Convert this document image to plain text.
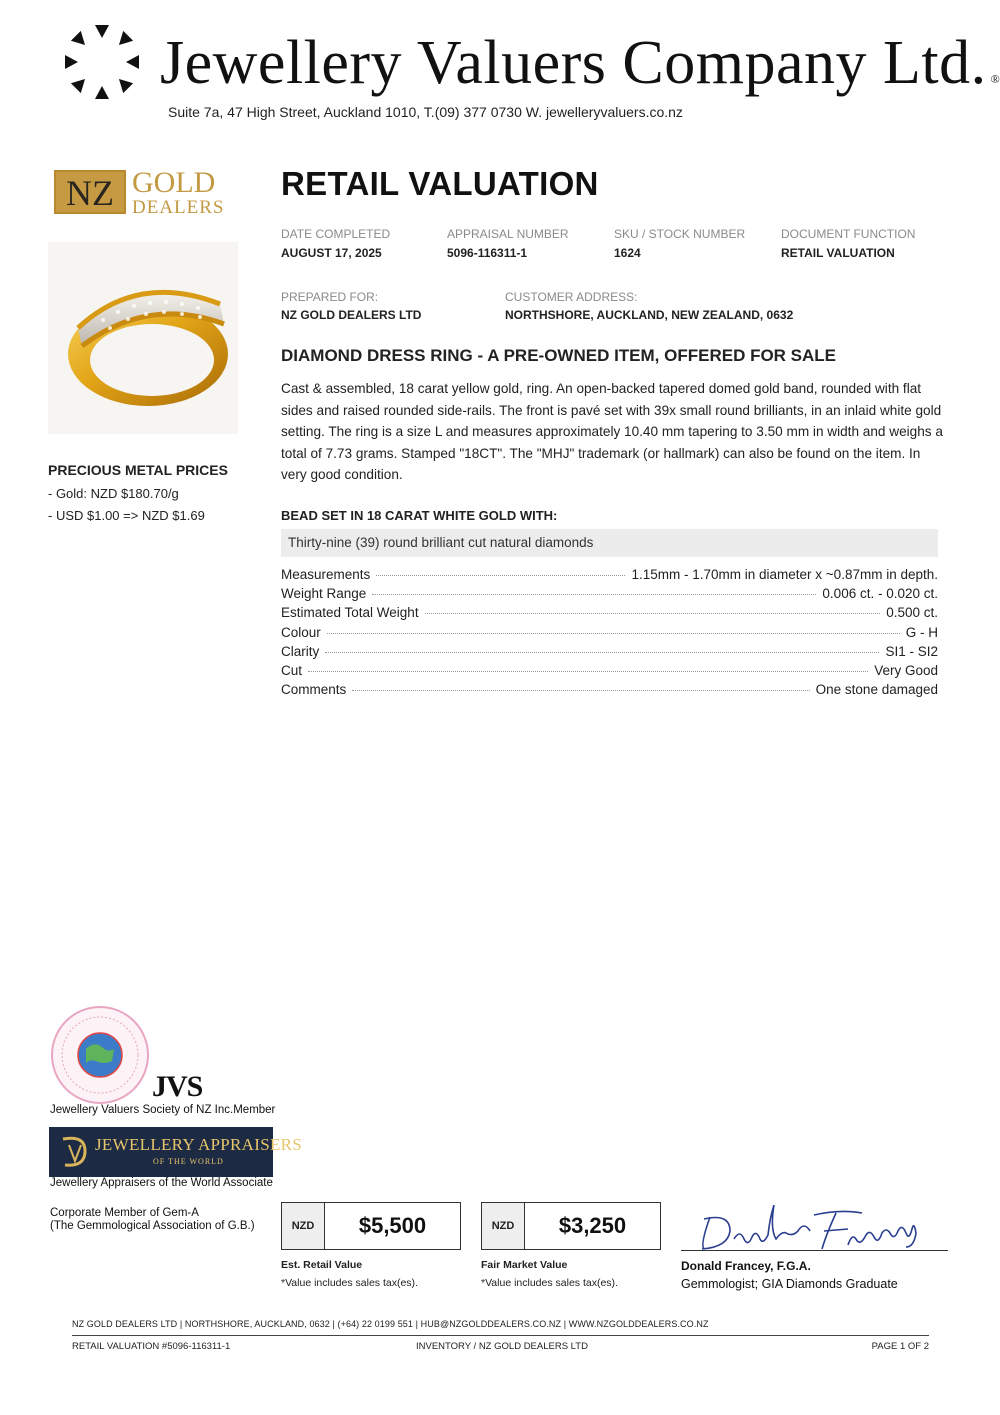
Jewellery Valuers Company Ltd. ®
Suite 7a, 47 High Street, Auckland 1010, T.(09) 377 0730 W. jewelleryvaluers.co.nz
NZ GOLD
DEALERS
PRECIOUS METAL PRICES
- Gold: NZD $180.70/g
- USD $1.00 => NZD $1.69
RETAIL VALUATION
DATE COMPLETED
AUGUST 17, 2025
APPRAISAL NUMBER
5096-116311-1
SKU / STOCK NUMBER
1624
DOCUMENT FUNCTION
RETAIL VALUATION
PREPARED FOR:
NZ GOLD DEALERS LTD
CUSTOMER ADDRESS:
NORTHSHORE, AUCKLAND, NEW ZEALAND, 0632
DIAMOND DRESS RING - A PRE-OWNED ITEM, OFFERED FOR SALE
Cast & assembled, 18 carat yellow gold, ring. An open-backed tapered domed gold band, rounded with flat sides and raised rounded side-rails. The front is pavé set with 39x small round brilliants, in an inlaid white gold setting. The ring is a size L and measures approximately 10.40 mm tapering to 3.50 mm in width and weighs a total of 7.73 grams. Stamped "18CT". The "MHJ" trademark (or hallmark) can also be found on the item. In very good condition.
BEAD SET IN 18 CARAT WHITE GOLD WITH:
Thirty-nine (39) round brilliant cut natural diamonds
Measurements	1.15mm - 1.70mm in diameter x ~0.87mm in depth.
Weight Range	0.006 ct. - 0.020 ct.
Estimated Total Weight	0.500 ct.
Colour	G - H
Clarity	SI1 - SI2
Cut	Very Good
Comments	One stone damaged
JVS
Jewellery Valuers Society of NZ Inc.Member
JEWELLERY APPRAISERS
OF THE WORLD
Jewellery Appraisers of the World Associate
Corporate Member of Gem-A
(The Gemmological Association of G.B.)	NZD	$5,500
Est. Retail Value
*Value includes sales tax(es).
NZD	$3,250
Fair Market Value
*Value includes sales tax(es).
Donald Francey, F.G.A.
Gemmologist; GIA Diamonds Graduate
NZ GOLD DEALERS LTD | NORTHSHORE, AUCKLAND, 0632 | (+64) 22 0199 551 | HUB@NZGOLDDEALERS.CO.NZ | WWW.NZGOLDDEALERS.CO.NZ
RETAIL VALUATION #5096-116311-1	INVENTORY / NZ GOLD DEALERS LTD	PAGE 1 OF 2
